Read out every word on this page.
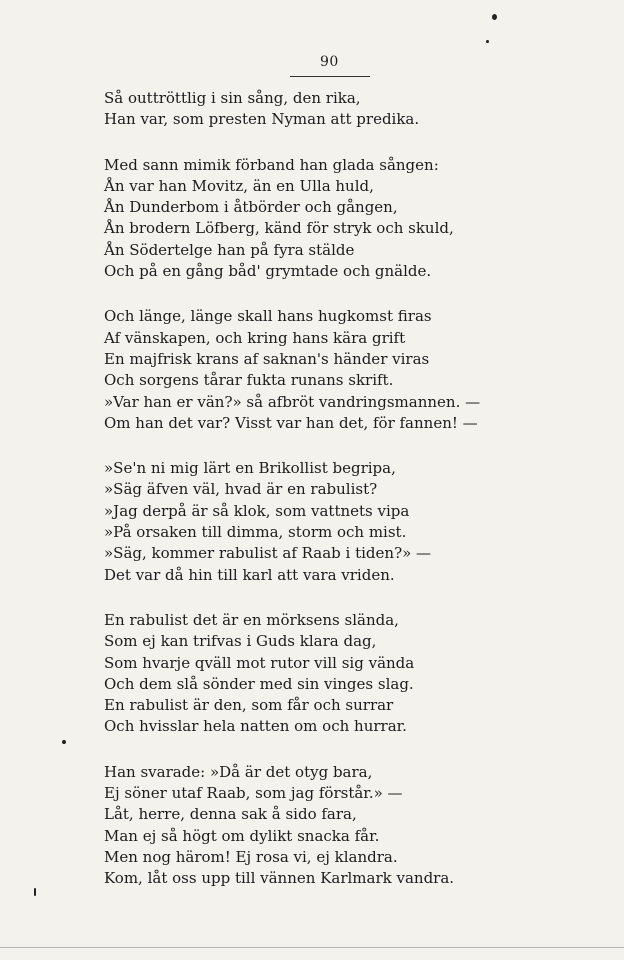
90
Så outtröttlig i sin sång, den rika,
Han var, som presten Nyman att predika.
Med sann mimik förband han glada sången:
Ån var han Movitz, än en Ulla huld,
Ån Dunderbom i åtbörder och gången,
Ån brodern Löfberg, känd för stryk och skuld,
Ån Södertelge han på fyra stälde
Och på en gång båd' grymtade och gnälde.
Och länge, länge skall hans hugkomst firas
Af vänskapen, och kring hans kära grift
En majfrisk krans af saknan's händer viras
Och sorgens tårar fukta runans skrift.
»Var han er vän?» så afbröt vandringsmannen. —
Om han det var? Visst var han det, för fannen! —
»Se'n ni mig lärt en Brikollist begripa,
»Säg äfven väl, hvad är en rabulist?
»Jag derpå är så klok, som vattnets vipa
»På orsaken till dimma, storm och mist.
»Säg, kommer rabulist af Raab i tiden?» —
Det var då hin till karl att vara vriden.
En rabulist det är en mörksens slända,
Som ej kan trifvas i Guds klara dag,
Som hvarje qväll mot rutor vill sig vända
Och dem slå sönder med sin vinges slag.
En rabulist är den, som får och surrar
Och hvisslar hela natten om och hurrar.
Han svarade: »Då är det otyg bara,
Ej söner utaf Raab, som jag förstår.» —
Låt, herre, denna sak å sido fara,
Man ej så högt om dylikt snacka får.
Men nog härom! Ej rosa vi, ej klandra.
Kom, låt oss upp till vännen Karlmark vandra.
